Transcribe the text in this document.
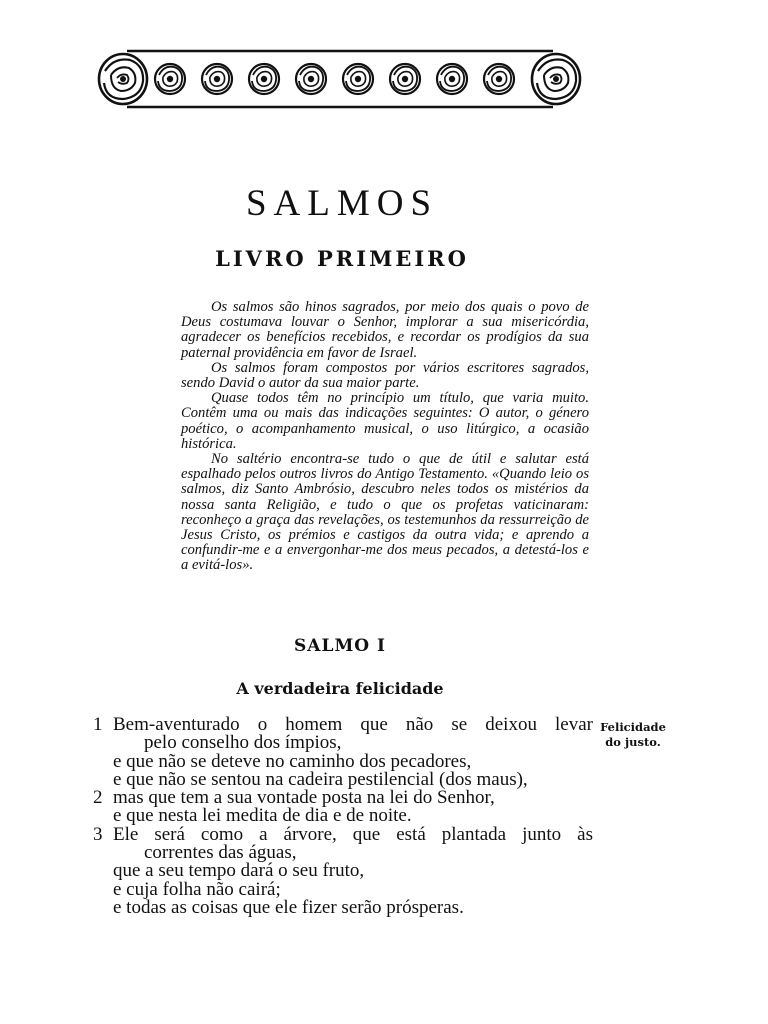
SALMOS
LIVRO PRIMEIRO

Os salmos são hinos sagrados, por meio dos quais o povo de Deus costumava louvar o Senhor, implorar a sua misericórdia, agradecer os benefícios recebidos, e recordar os prodígios da sua paternal providência em favor de Israel.

Os salmos foram compostos por vários escritores sagrados, sendo David o autor da sua maior parte.

Quase todos têm no princípio um título, que varia muito. Contêm uma ou mais das indicações seguintes: O autor, o género poético, o acompanhamento musical, o uso litúrgico, a ocasião histórica.

No saltério encontra-se tudo o que de útil e salutar está espalhado pelos outros livros do Antigo Testamento. «Quando leio os salmos, diz Santo Ambrósio, descubro neles todos os mistérios da nossa santa Religião, e tudo o que os profetas vaticinaram: reconheço a graça das revelações, os testemunhos da ressurreição de Jesus Cristo, os prémios e castigos da outra vida; e aprendo a confundir-me e a envergonhar-me dos meus pecados, a detestá-los e a evitá-los».

SALMO I
A verdadeira felicidade
1 Bem-aventurado o homem que não se deixou levar
pelo conselho dos ímpios,
e que não se deteve no caminho dos pecadores,
e que não se sentou na cadeira pestilencial (dos maus),
2 mas que tem a sua vontade posta na lei do Senhor,
e que nesta lei medita de dia e de noite.
3 Ele será como a árvore, que está plantada junto às
correntes das águas,
que a seu tempo dará o seu fruto,
e cuja folha não cairá;
e todas as coisas que ele fizer serão prósperas.
Felicidade
do justo.
